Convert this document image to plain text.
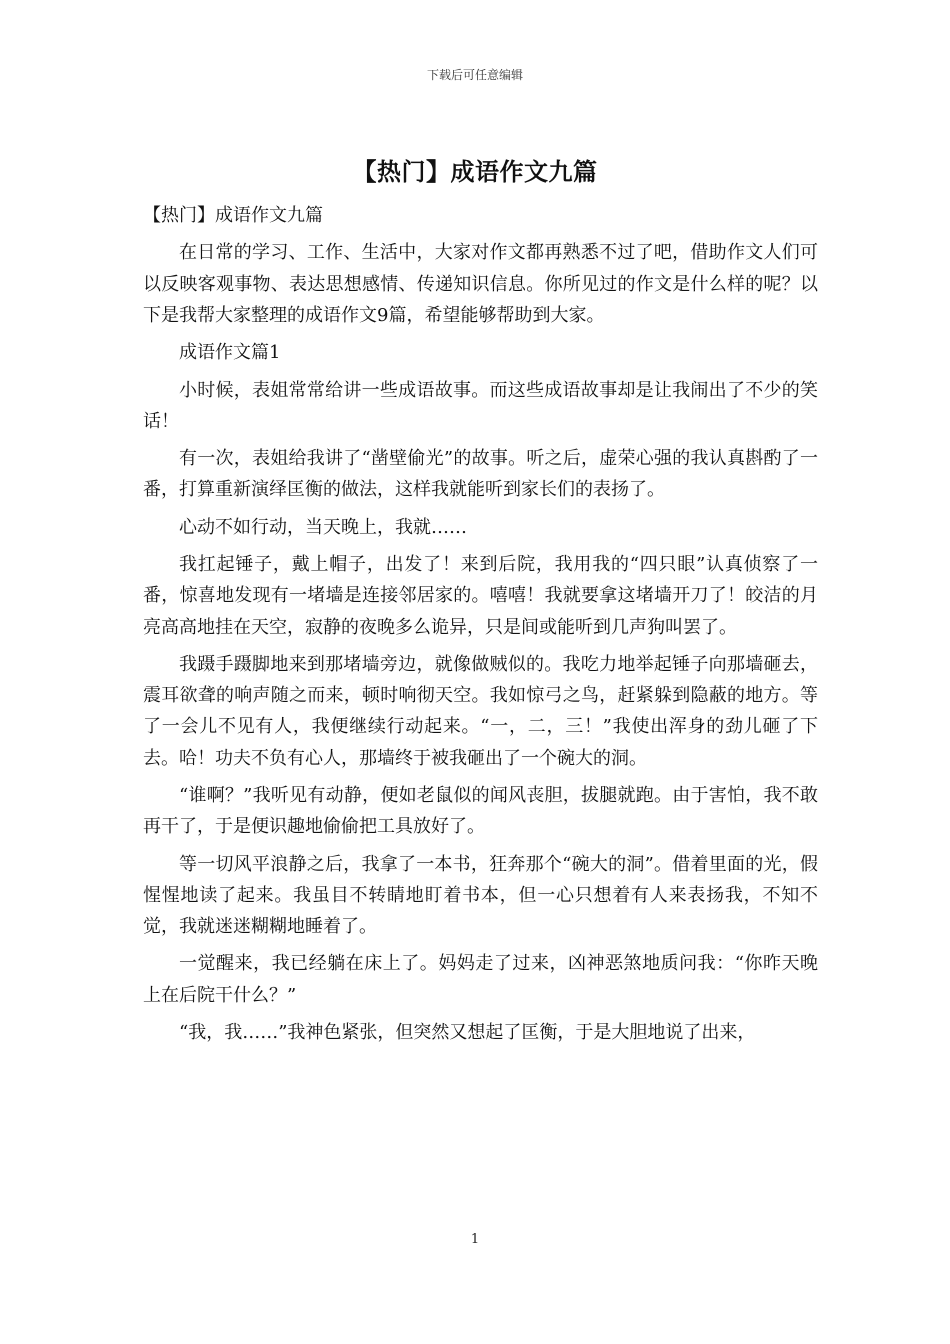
下载后可任意编辑
【热门】成语作文九篇

【热门】成语作文九篇

在日常的学习、工作、生活中，大家对作文都再熟悉不过了吧，借助作文人们可以反映客观事物、表达思想感情、传递知识信息。你所见过的作文是什么样的呢？以下是我帮大家整理的成语作文9篇，希望能够帮助到大家。

成语作文篇1

小时候，表姐常常给讲一些成语故事。而这些成语故事却是让我闹出了不少的笑话！

有一次，表姐给我讲了“凿壁偷光”的故事。听之后，虚荣心强的我认真斟酌了一番，打算重新演绎匡衡的做法，这样我就能听到家长们的表扬了。

心动不如行动，当天晚上，我就……

我扛起锤子，戴上帽子，出发了！来到后院，我用我的“四只眼”认真侦察了一番，惊喜地发现有一堵墙是连接邻居家的。嘻嘻！我就要拿这堵墙开刀了！皎洁的月亮高高地挂在天空，寂静的夜晚多么诡异，只是间或能听到几声狗叫罢了。

我蹑手蹑脚地来到那堵墙旁边，就像做贼似的。我吃力地举起锤子向那墙砸去，震耳欲聋的响声随之而来，顿时响彻天空。我如惊弓之鸟，赶紧躲到隐蔽的地方。等了一会儿不见有人，我便继续行动起来。“一，二，三！”我使出浑身的劲儿砸了下去。哈！功夫不负有心人，那墙终于被我砸出了一个碗大的洞。

“谁啊？”我听见有动静，便如老鼠似的闻风丧胆，拔腿就跑。由于害怕，我不敢再干了，于是便识趣地偷偷把工具放好了。

等一切风平浪静之后，我拿了一本书，狂奔那个“碗大的洞”。借着里面的光，假惺惺地读了起来。我虽目不转睛地盯着书本，但一心只想着有人来表扬我，不知不觉，我就迷迷糊糊地睡着了。

一觉醒来，我已经躺在床上了。妈妈走了过来，凶神恶煞地质问我：“你昨天晚上在后院干什么？”

“我，我……”我神色紧张，但突然又想起了匡衡，于是大胆地说了出来，

1
